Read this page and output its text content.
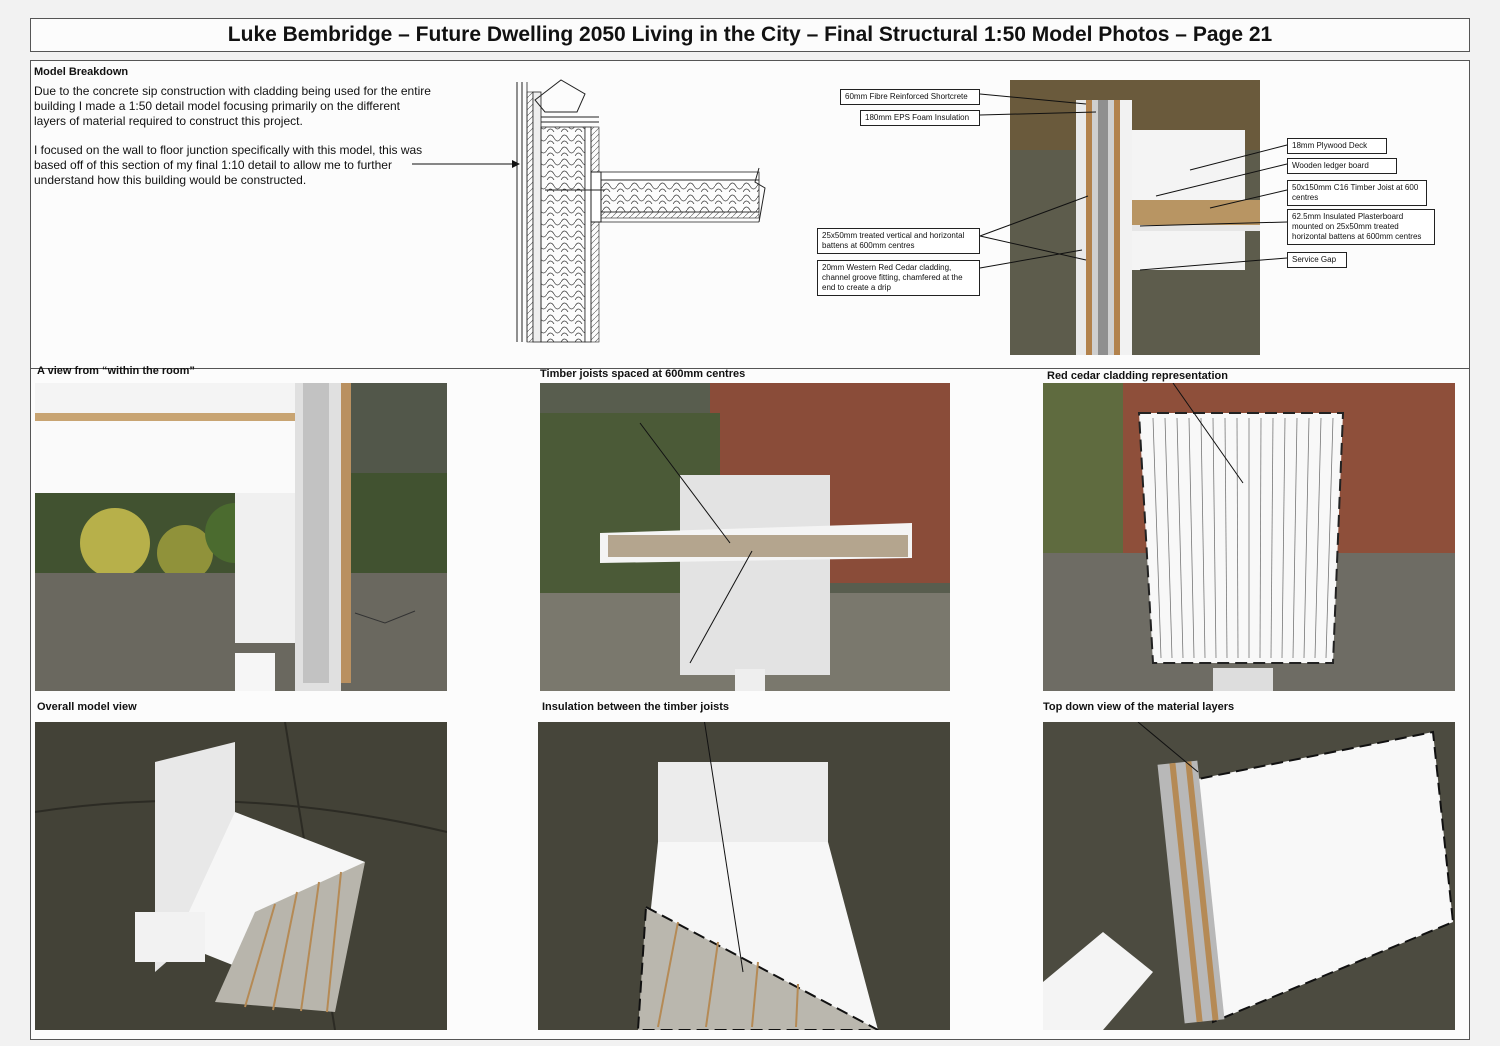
Luke Bembridge – Future Dwelling 2050 Living in the City – Final Structural 1:50 Model Photos – Page 21
Model Breakdown

Due to the concrete sip construction with cladding being used for the entire building I made a 1:50 detail model focusing primarily on the different layers of material required to construct this project.

I focused on the wall to floor junction specifically with this model, this was based off of this section of my final 1:10 detail to allow me to further understand how this building would be constructed.

60mm Fibre Reinforced Shortcrete
180mm EPS Foam Insulation
25x50mm treated vertical and horizontal battens at 600mm centres
20mm Western Red Cedar cladding, channel groove fitting, chamfered at the end to create a drip
18mm Plywood Deck
Wooden ledger board
50x150mm C16 Timber Joist at 600 centres
62.5mm Insulated Plasterboard mounted on 25x50mm treated horizontal battens at 600mm centres
Service Gap
A view from “within the room”	Timber joists spaced at 600mm centres	Red cedar cladding representation
Overall model view	Insulation between the timber joists	Top down view of the material layers
